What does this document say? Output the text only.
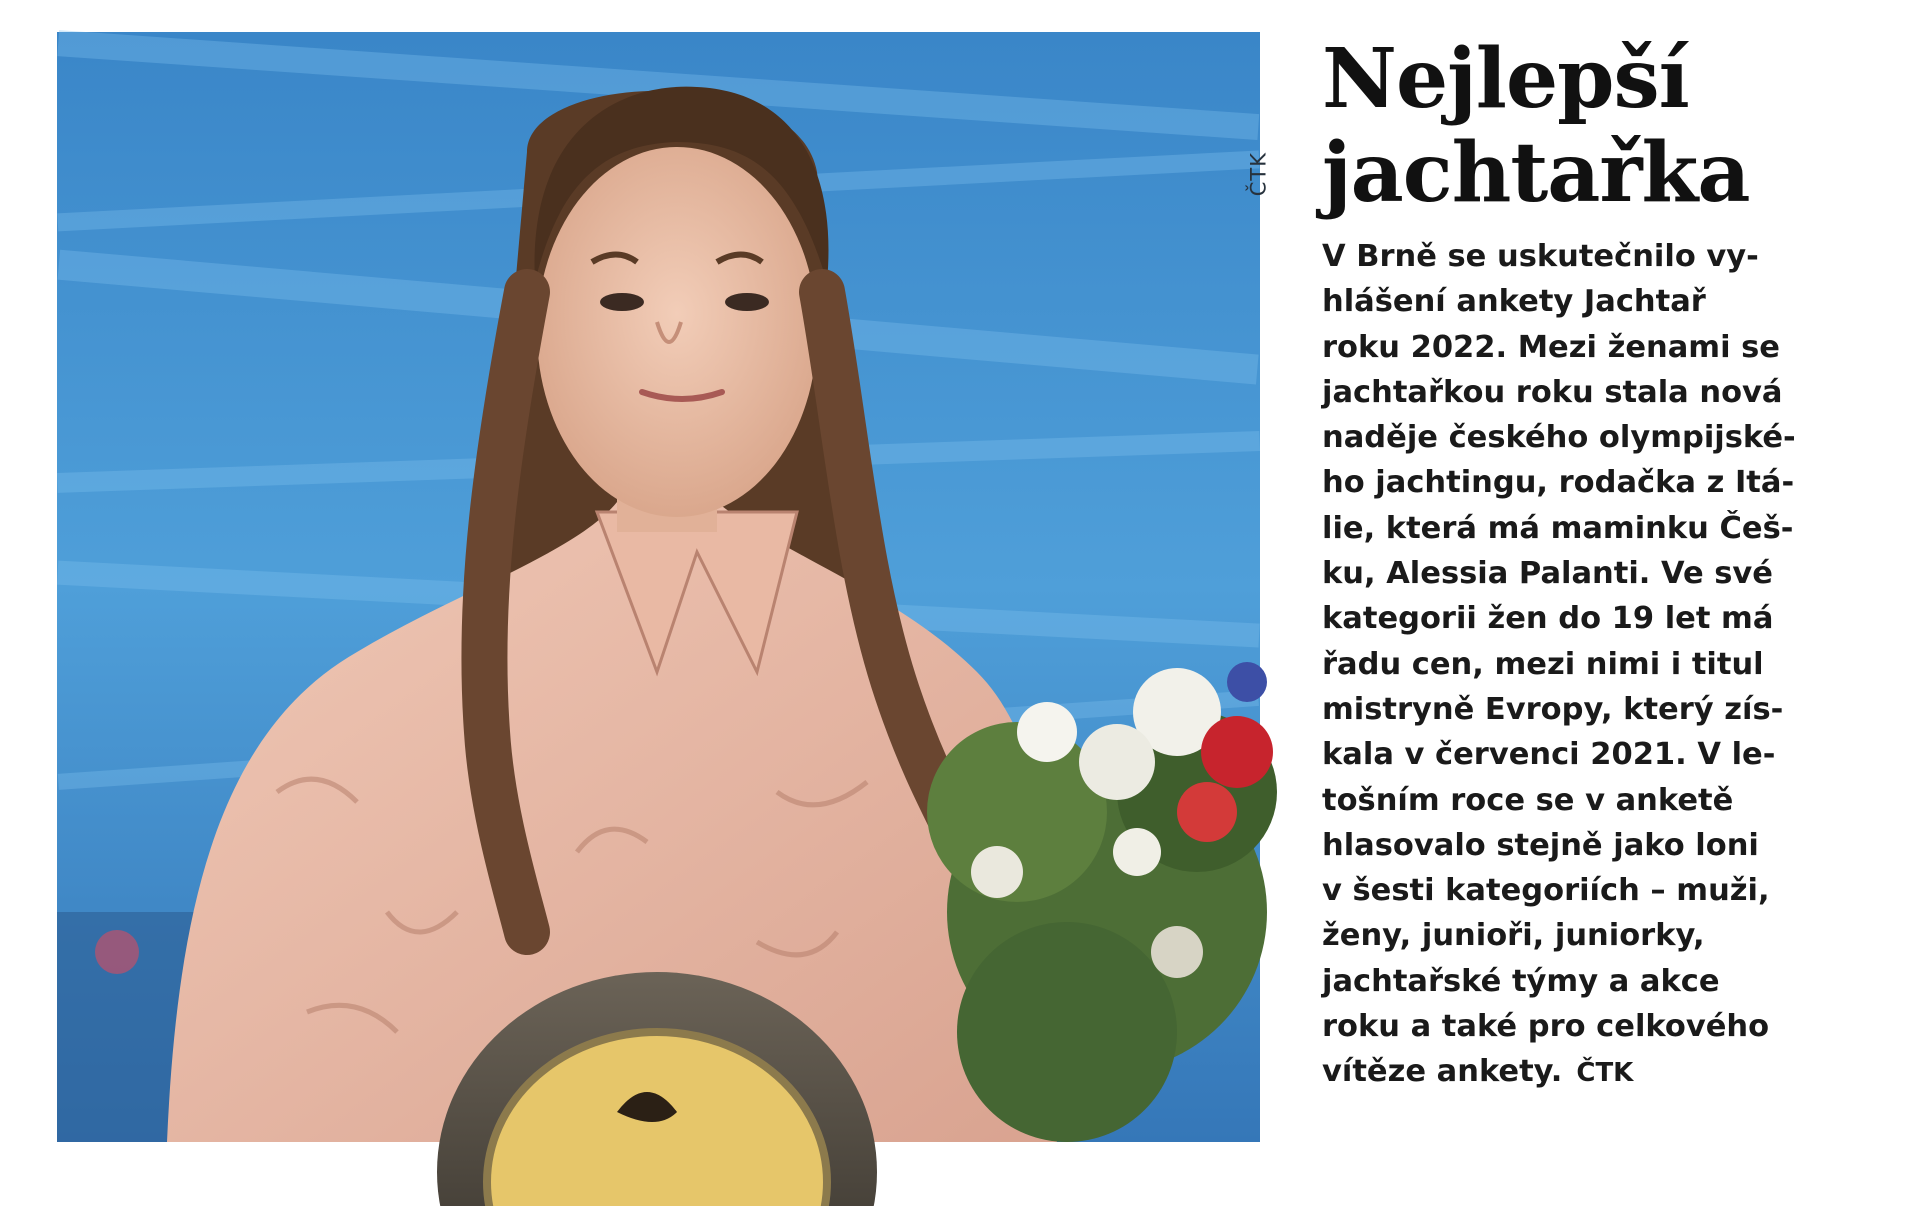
ČTK
Nejlepší
jachtařka

V Brně se uskutečnilo vy-
hlášení ankety Jachtař
roku 2022. Mezi ženami se
jachtařkou roku stala nová
naděje českého olympijské-
ho jachtingu, rodačka z Itá-
lie, která má maminku Češ-
ku, Alessia Palanti. Ve své
kategorii žen do 19 let má
řadu cen, mezi nimi i titul
mistryně Evropy, který zís-
kala v červenci 2021. V le-
tošním roce se v anketě
hlasovalo stejně jako loni
v šesti kategoriích – muži,
ženy, junioři, juniorky,
jachtařské týmy a akce
roku a také pro celkového
vítěze ankety. ČTK
